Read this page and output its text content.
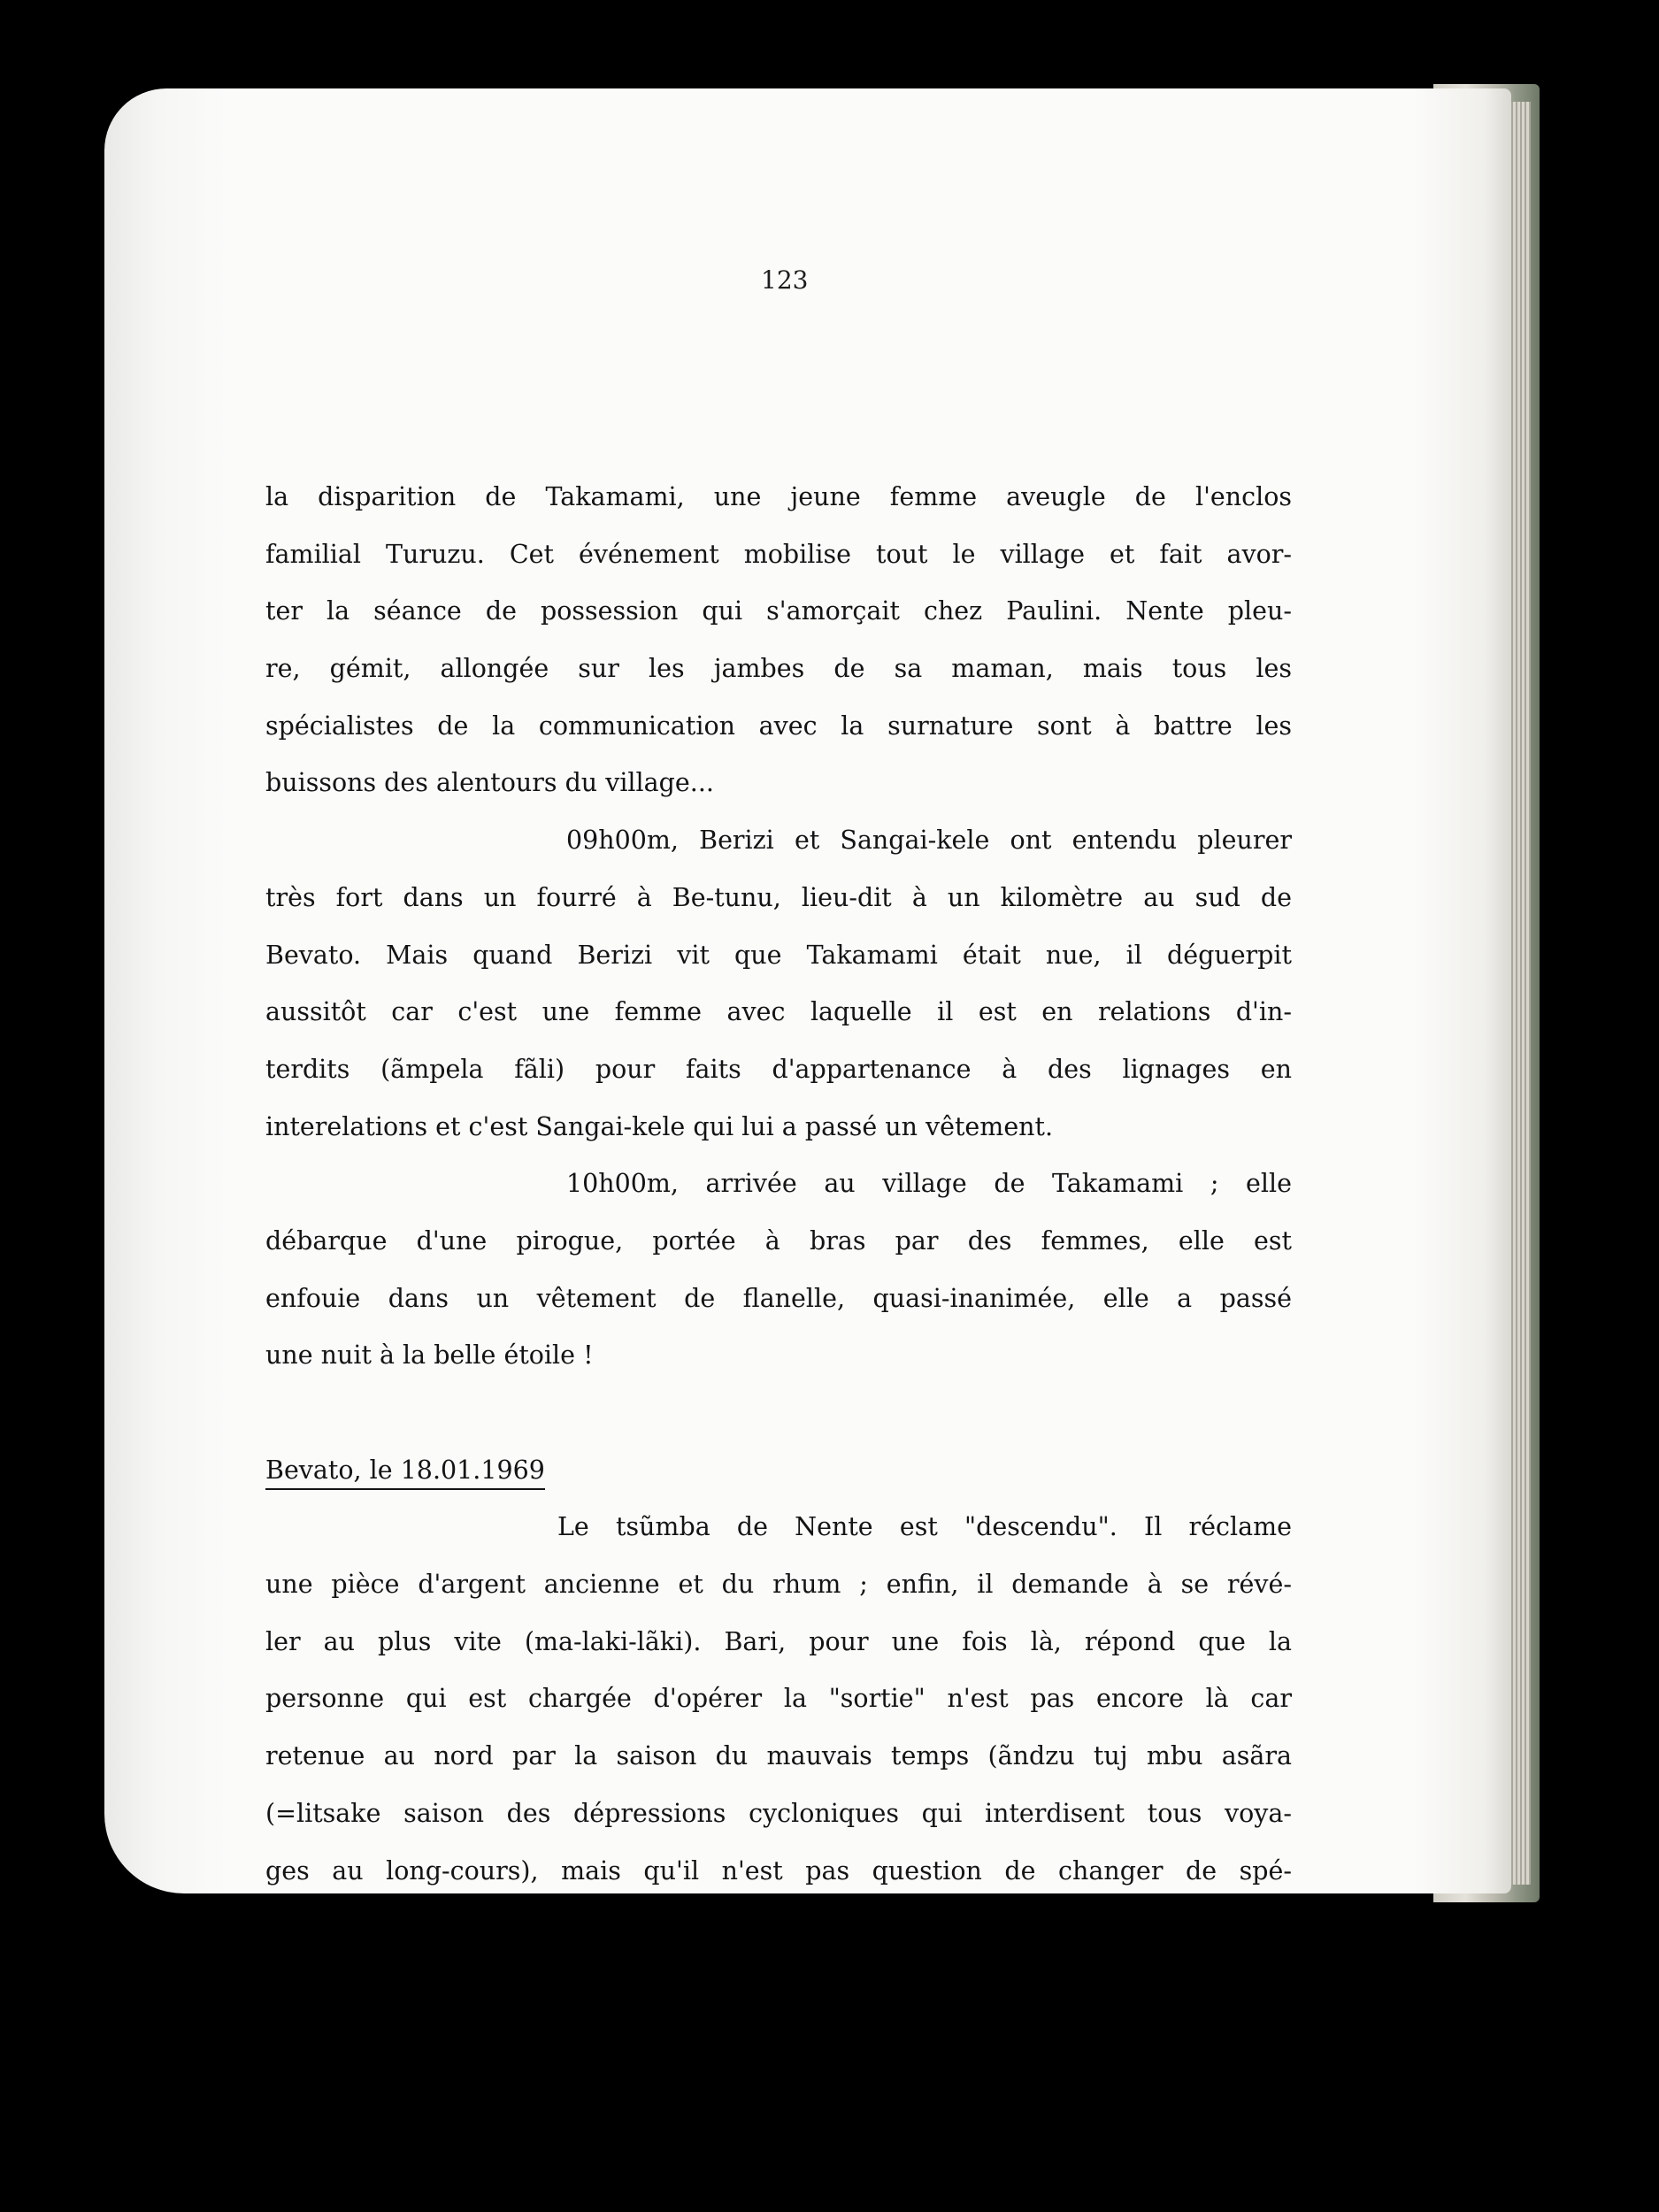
123

la disparition de Takamami, une jeune femme aveugle de l'enclos

familial Turuzu. Cet événement mobilise tout le village et fait avor-

ter la séance de possession qui s'amorçait chez Paulini. Nente pleu-

re, gémit, allongée sur les jambes de sa maman, mais tous les

spécialistes de la communication avec la surnature sont à battre les

buissons des alentours du village...

09h00m, Berizi et Sangai-kele ont entendu pleurer

très fort dans un fourré à Be-tunu, lieu-dit à un kilomètre au sud de

Bevato. Mais quand Berizi vit que Takamami était nue, il déguerpit

aussitôt car c'est une femme avec laquelle il est en relations d'in-

terdits (ãmpela fãli) pour faits d'appartenance à des lignages en

interelations et c'est Sangai-kele qui lui a passé un vêtement.

10h00m, arrivée au village de Takamami ; elle

débarque d'une pirogue, portée à bras par des femmes, elle est

enfouie dans un vêtement de flanelle, quasi-inanimée, elle a passé

une nuit à la belle étoile !

Bevato, le 18.01.1969

Le tsũmba de Nente est "descendu". Il réclame

une pièce d'argent ancienne et du rhum ; enfin, il demande à se révé-

ler au plus vite (ma-laki-lãki). Bari, pour une fois là, répond que la

personne qui est chargée d'opérer la "sortie" n'est pas encore là car

retenue au nord par la saison du mauvais temps (ãndzu tuj mbu asãra

(=litsake saison des dépressions cycloniques qui interdisent tous voya-

ges au long-cours), mais qu'il n'est pas question de changer de spé-
